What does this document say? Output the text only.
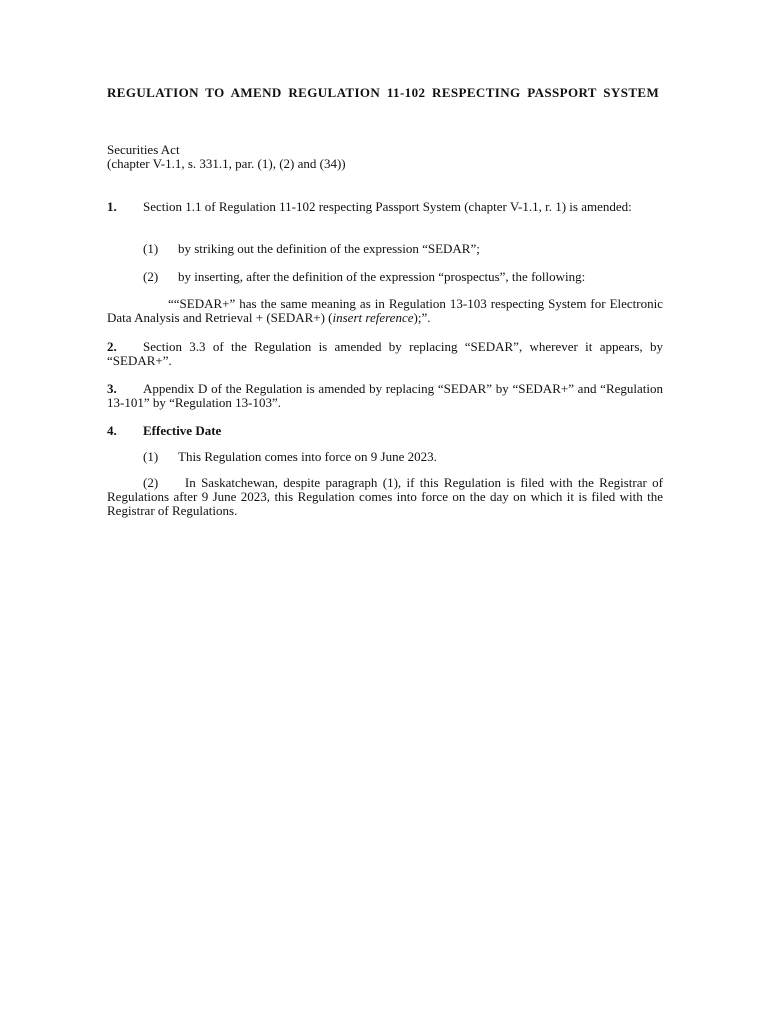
REGULATION TO AMEND REGULATION 11-102 RESPECTING PASSPORT SYSTEM
Securities Act
(chapter V-1.1, s. 331.1, par. (1), (2) and (34))
1. Section 1.1 of Regulation 11-102 respecting Passport System (chapter V-1.1, r. 1) is amended:
(1) by striking out the definition of the expression “SEDAR”;
(2) by inserting, after the definition of the expression “prospectus”, the following:
““SEDAR+” has the same meaning as in Regulation 13-103 respecting System for Electronic Data Analysis and Retrieval + (SEDAR+) (insert reference);”.
2. Section 3.3 of the Regulation is amended by replacing “SEDAR”, wherever it appears, by “SEDAR+”.
3. Appendix D of the Regulation is amended by replacing “SEDAR” by “SEDAR+” and “Regulation 13-101” by “Regulation 13-103”.
4. Effective Date
(1) This Regulation comes into force on 9 June 2023.
(2) In Saskatchewan, despite paragraph (1), if this Regulation is filed with the Registrar of Regulations after 9 June 2023, this Regulation comes into force on the day on which it is filed with the Registrar of Regulations.
